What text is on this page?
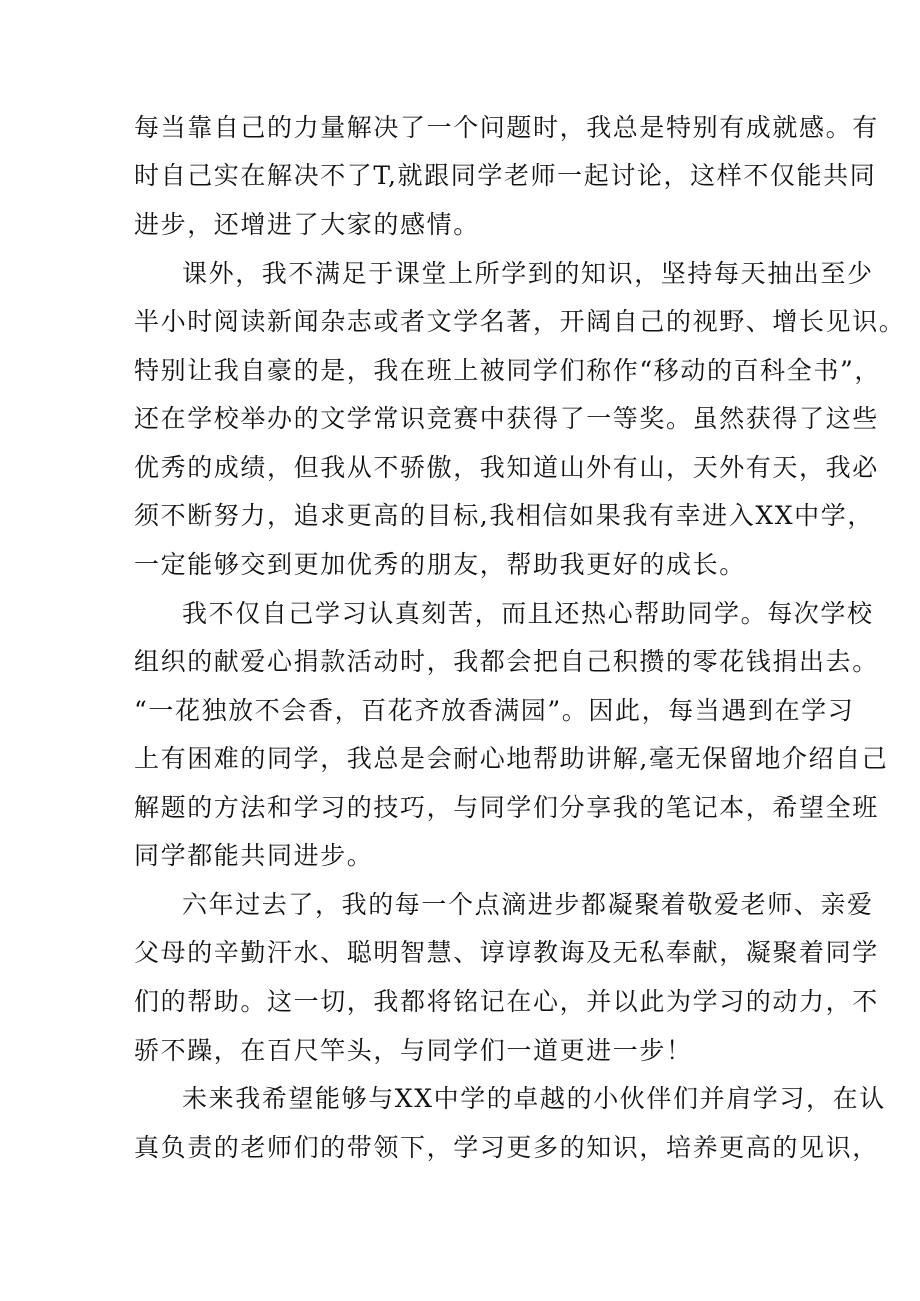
每当靠自己的力量解决了一个问题时，我总是特别有成就感。有
时自己实在解决不了T,就跟同学老师一起讨论，这样不仅能共同
进步，还增进了大家的感情。
课外，我不满足于课堂上所学到的知识，坚持每天抽出至少
半小时阅读新闻杂志或者文学名著，开阔自己的视野、增长见识。
特别让我自豪的是，我在班上被同学们称作“移动的百科全书”，
还在学校举办的文学常识竞赛中获得了一等奖。虽然获得了这些
优秀的成绩，但我从不骄傲，我知道山外有山，天外有天，我必
须不断努力，追求更高的目标,我相信如果我有幸进入XX中学，
一定能够交到更加优秀的朋友，帮助我更好的成长。
我不仅自己学习认真刻苦，而且还热心帮助同学。每次学校
组织的献爱心捐款活动时，我都会把自己积攒的零花钱捐出去。
“一花独放不会香，百花齐放香满园”。因此，每当遇到在学习
上有困难的同学，我总是会耐心地帮助讲解,毫无保留地介绍自己
解题的方法和学习的技巧，与同学们分享我的笔记本，希望全班
同学都能共同进步。
六年过去了，我的每一个点滴进步都凝聚着敬爱老师、亲爱
父母的辛勤汗水、聪明智慧、谆谆教诲及无私奉献，凝聚着同学
们的帮助。这一切，我都将铭记在心，并以此为学习的动力，不
骄不躁，在百尺竿头，与同学们一道更进一步！
未来我希望能够与XX中学的卓越的小伙伴们并肩学习，在认
真负责的老师们的带领下，学习更多的知识，培养更高的见识，
